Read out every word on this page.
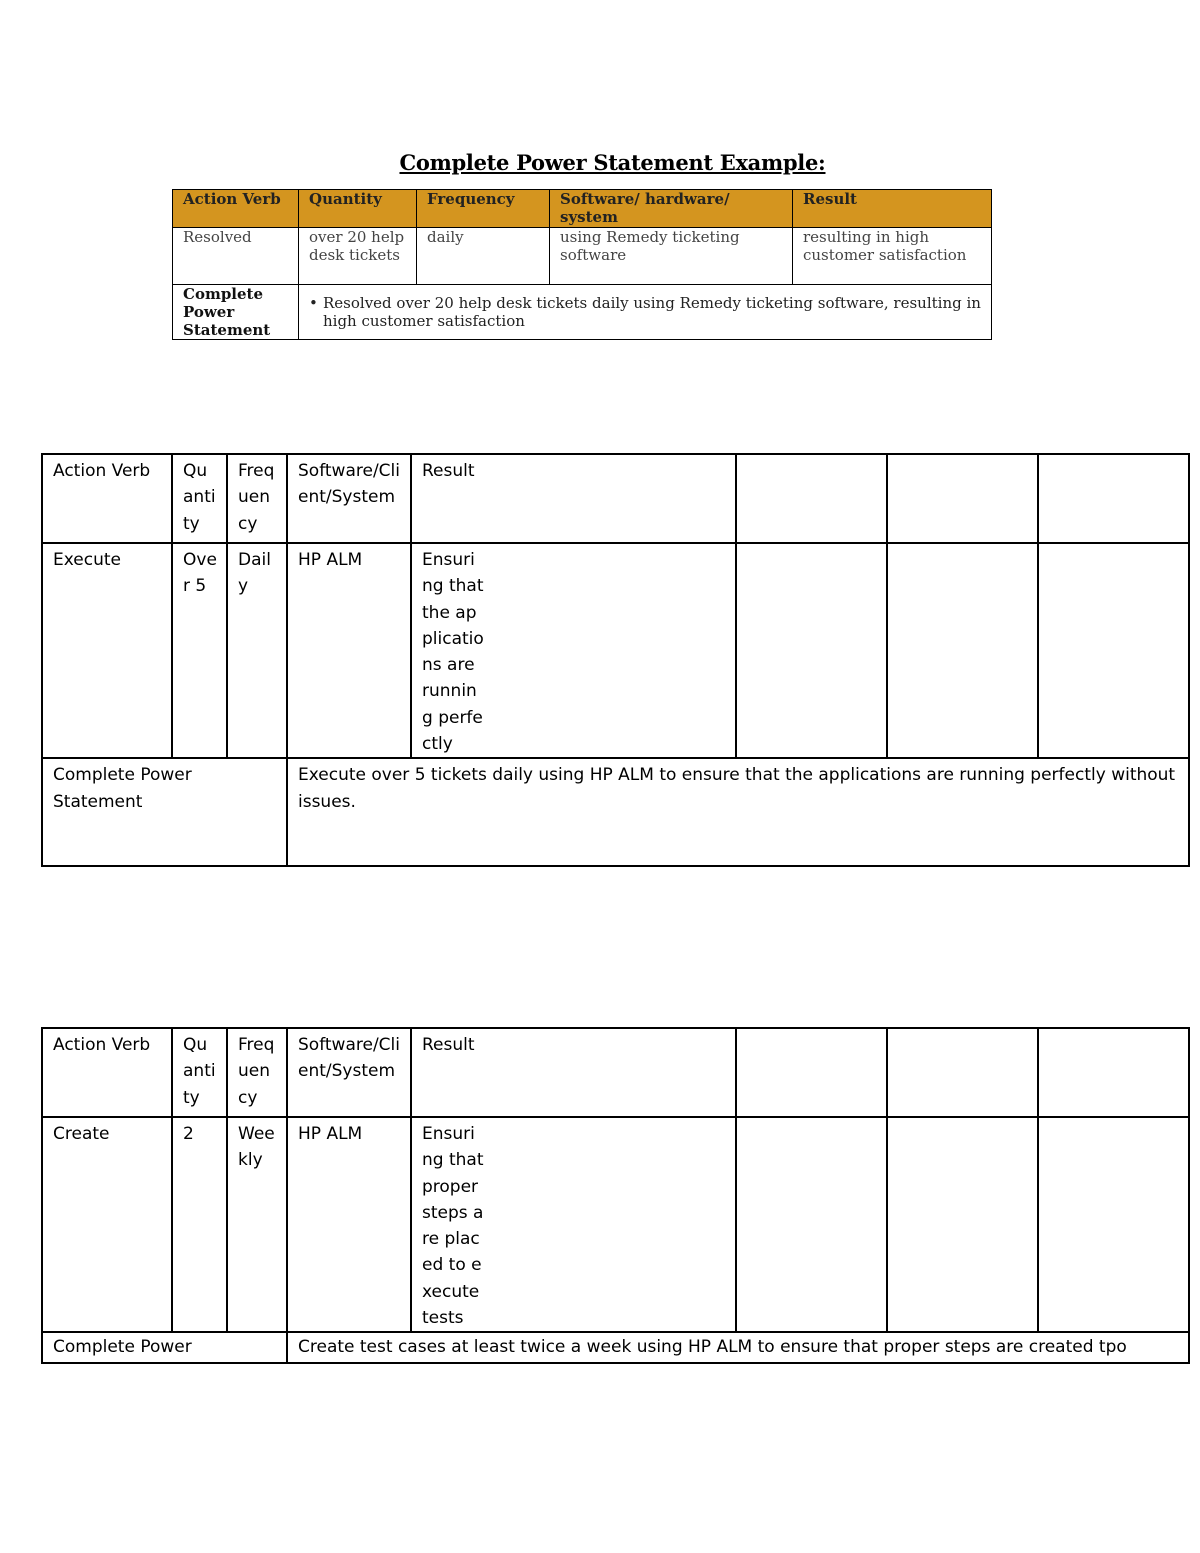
Complete Power Statement Example:
Action Verb	Quantity	Frequency	Software/ hardware/ system	Result
Resolved	over 20 help desk tickets	daily	using Remedy ticketing software	resulting in high customer satisfaction
Complete Power Statement	• Resolved over 20 help desk tickets daily using Remedy ticketing software, resulting in high customer satisfaction			
Action Verb	Quantity	Frequency	Software/Client/System	Result			
Execute	Over 5	Daily	HP ALM	Ensuring that the applications are running perfectly			

Complete Power Statement			Execute over 5 tickets daily using HP ALM to ensure that the applications are running perfectly without issues.				
Action Verb	Quantity	Frequency	Software/Client/System	Result			
Create	2	Weekly	HP ALM	Ensuring that proper steps are placed to execute tests			

Complete Power			Create test cases at least twice a week using HP ALM to ensure that proper steps are created tpo				
